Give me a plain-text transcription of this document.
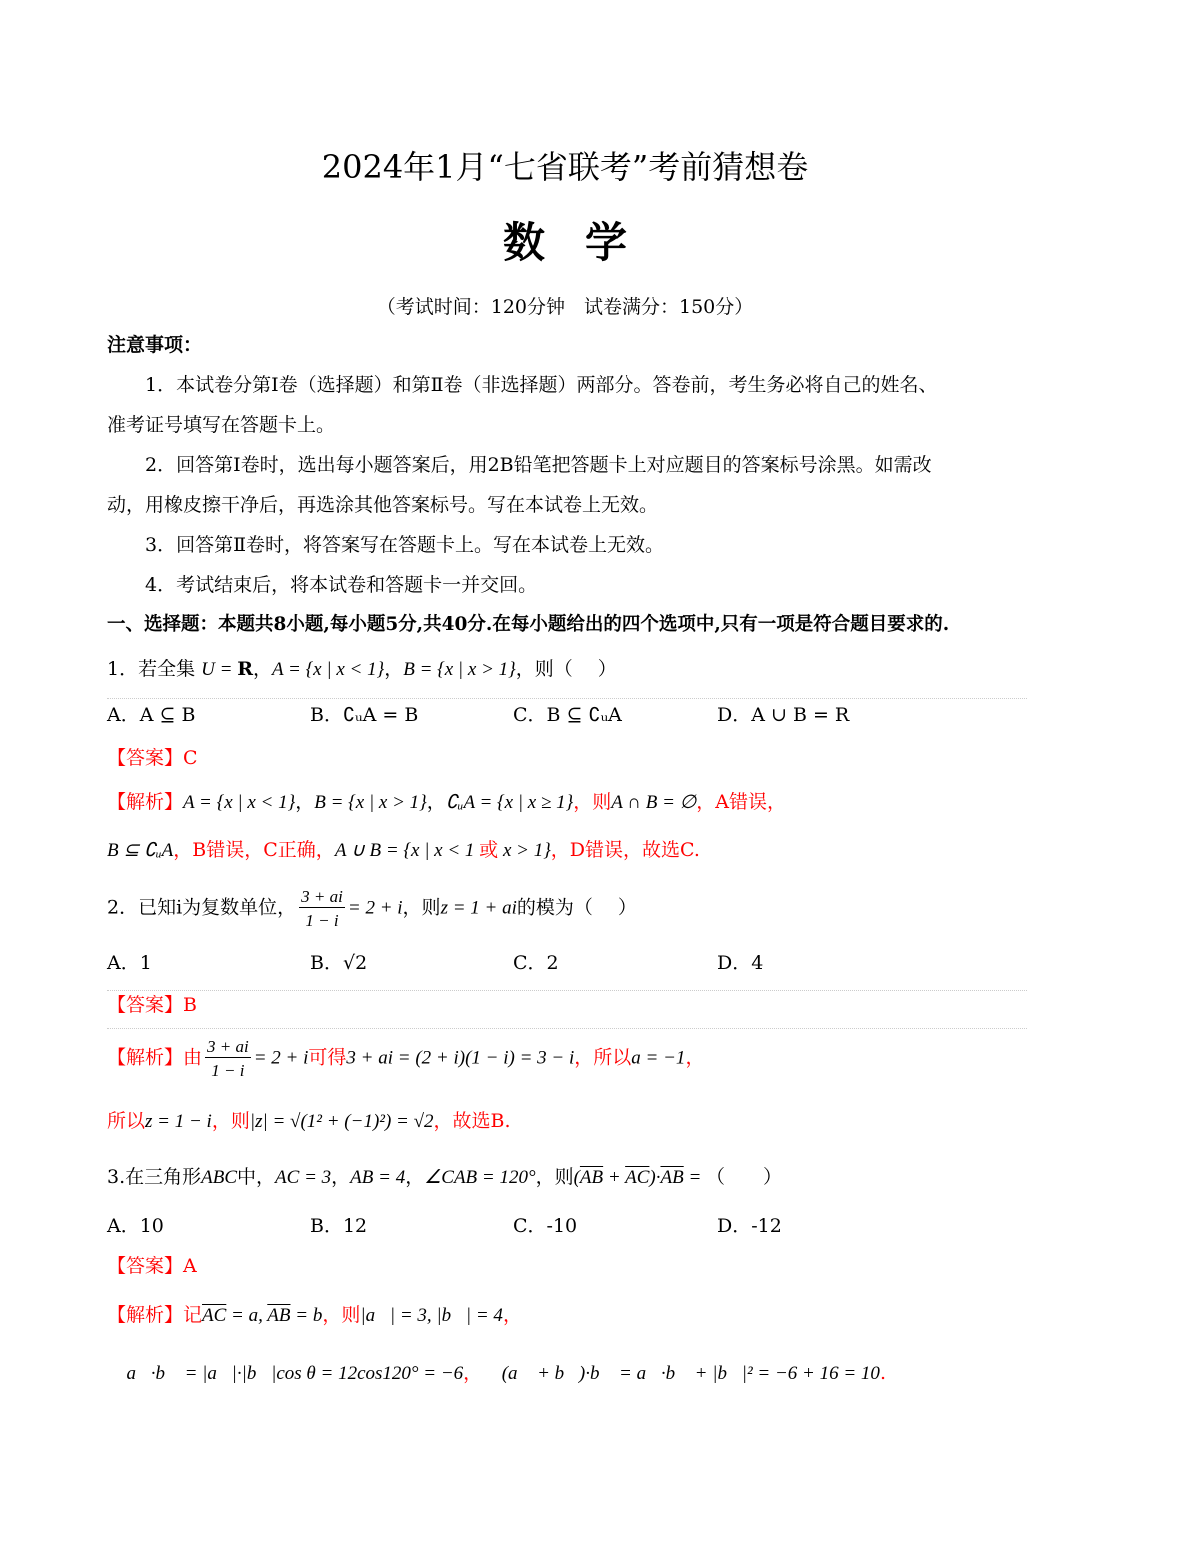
2024年1月“七省联考”考前猜想卷
数学
（考试时间：120分钟　试卷满分：150分）
注意事项：
1．本试卷分第Ⅰ卷（选择题）和第Ⅱ卷（非选择题）两部分。答卷前，考生务必将自己的姓名、
准考证号填写在答题卡上。
2．回答第Ⅰ卷时，选出每小题答案后，用2B铅笔把答题卡上对应题目的答案标号涂黑。如需改
动，用橡皮擦干净后，再选涂其他答案标号。写在本试卷上无效。
3．回答第Ⅱ卷时，将答案写在答题卡上。写在本试卷上无效。
4．考试结束后，将本试卷和答题卡一并交回。
一、选择题：本题共8小题,每小题5分,共40分.在每小题给出的四个选项中,只有一项是符合题目要求的.
1．若全集 U = R，A = {x | x < 1}，B = {x | x > 1}，则（　 ）
A．A ⊆ B	B．∁ᵤA = B	C．B ⊆ ∁ᵤA	D．A ∪ B = R
【答案】C
【解析】A = {x | x < 1}，B = {x | x > 1}，∁ᵤA = {x | x ≥ 1}，则A ∩ B = ∅，A错误，
B ⊆ ∁ᵤA，B错误，C正确，A ∪ B = {x | x < 1 或 x > 1}，D错误，故选C.
2．已知i为复数单位， $\frac{3 + ai}{1 - i} = 2 + i$，则z = 1 + ai的模为（　 ）
A．1	B．√2	C．2	D．4
【答案】B
【解析】由 $\frac{3 + ai}{1 - i} = 2 + i$可得3 + ai = (2 + i)(1 − i) = 3 − i，所以a = −1，
所以z = 1 − i，则|z| = √(1² + (−1)²) = √2，故选B.
3.在三角形ABC中，AC = 3，AB = 4，∠CAB = 120°，则$(\overline{AB} + \overline{AC})\cdot\overline{AB}$ = （　　）
A．10	B．12	C．-10	D．-12
【答案】A
【解析】记$\overline{AC} = a$, $\overline{AB} = b$，则|a⃗| = 3, |b⃗| = 4，
∵ a⃗·b⃗ = |a⃗|·|b⃗|cos θ = 12cos120° = −6，∴ (a⃗ + b⃗)·b⃗ = a⃗·b⃗ + |b⃗|² = −6 + 16 = 10.
